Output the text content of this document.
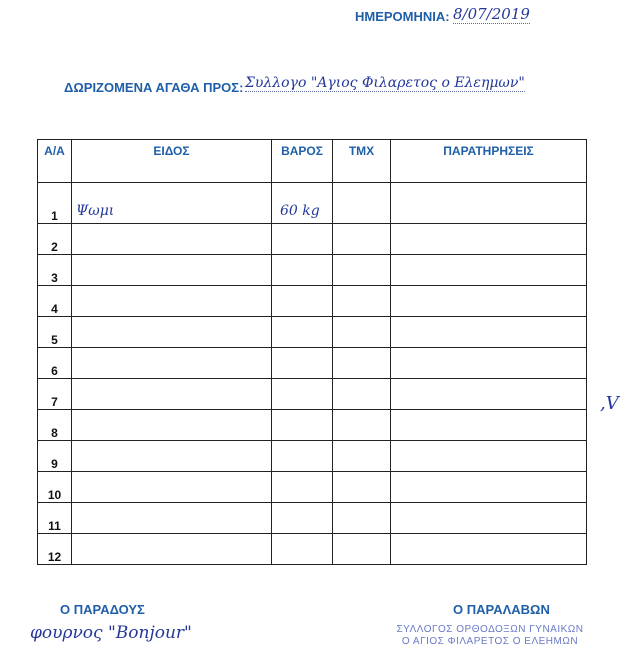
ΗΜΕΡΟΜΗΝΙΑ: 8/07/2019
ΔΩΡΙΖΟΜΕΝΑ ΑΓΑΘΑ ΠΡΟΣ: Συλλογο "Αγιος Φιλαρετος ο Ελεημων"
Α/Α	ΕΙΔΟΣ	ΒΑΡΟΣ	ΤΜΧ	ΠΑΡΑΤΗΡΗΣΕΙΣ
1	Ψωμι	60 kg		

2	

3	

4	

5	

6	

7	

8	

9	

10	

11	

12	

,V
Ο ΠΑΡΑΔΟΥΣ
φουρνος "Bonjour"
Ο ΠΑΡΑΛΑΒΩΝ
ΣΥΛΛΟΓΟΣ ΟΡΘΟΔΟΞΩΝ ΓΥΝΑΙΚΩΝ
Ο ΑΓΙΟΣ ΦΙΛΑΡΕΤΟΣ Ο ΕΛΕΗΜΩΝ
